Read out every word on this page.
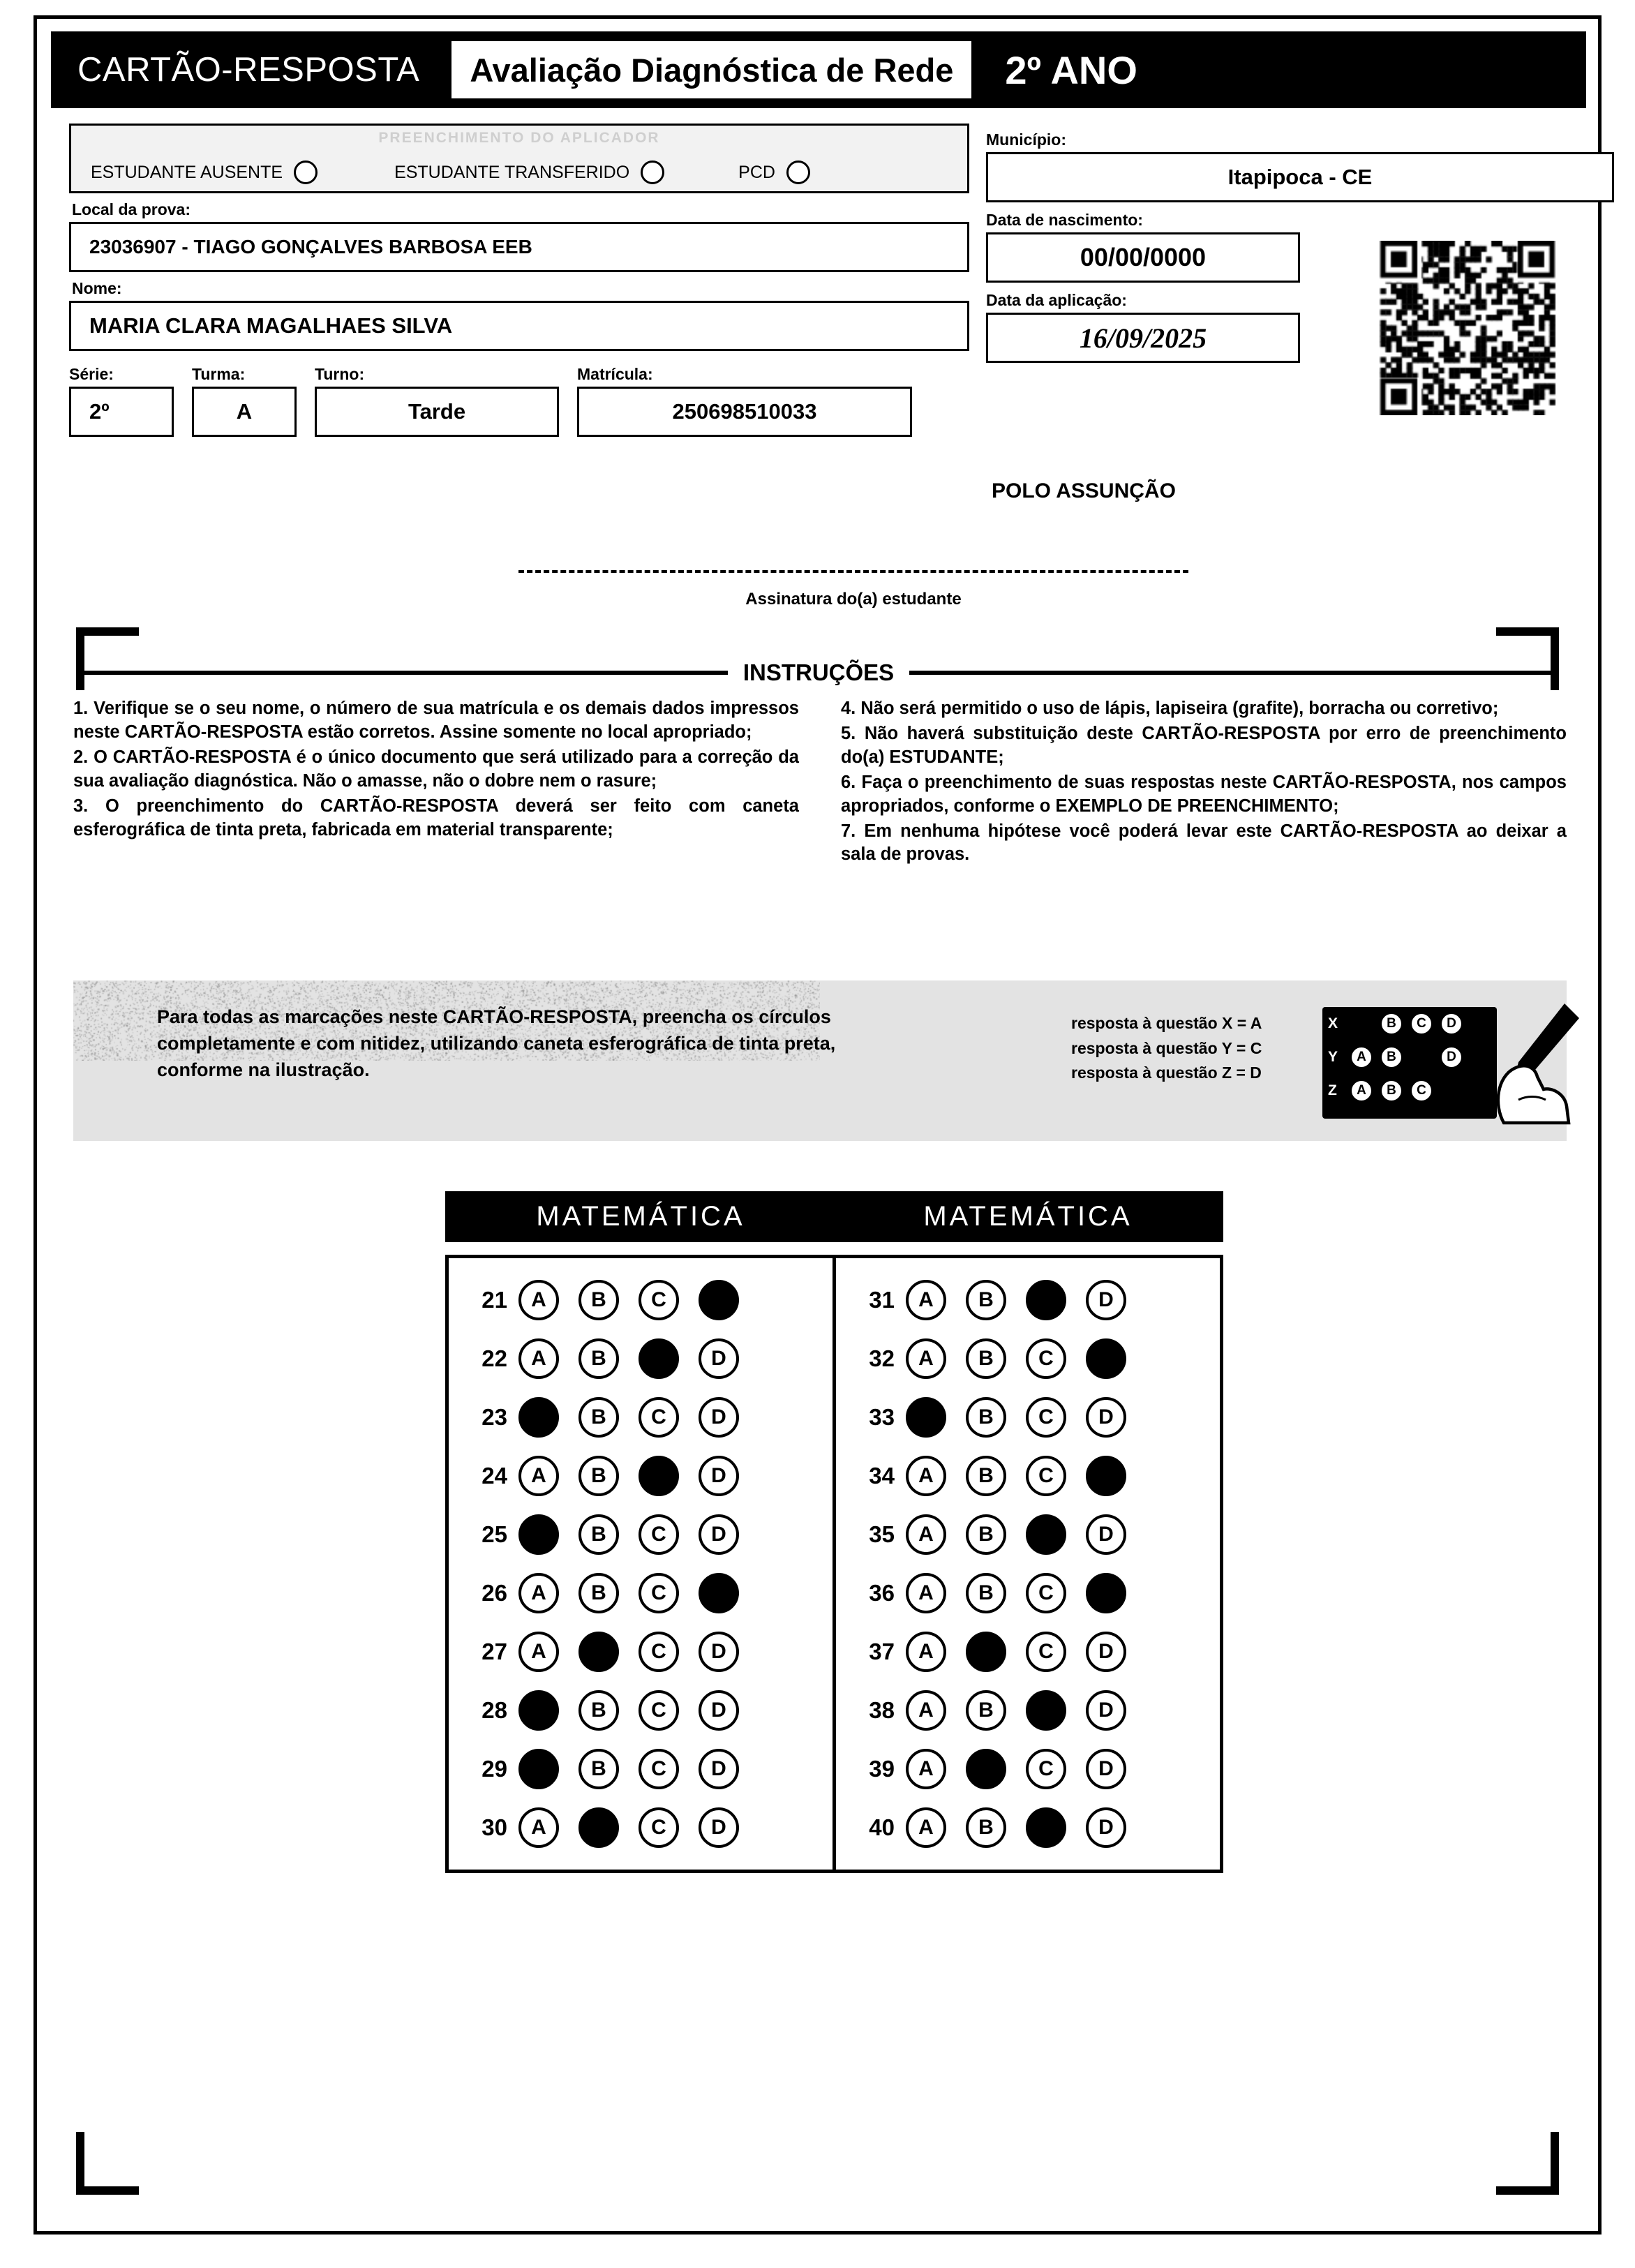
CARTÃO-RESPOSTA	Avaliação Diagnóstica de Rede	2º ANO
PREENCHIMENTO DO APLICADOR
ESTUDANTE AUSENTE	ESTUDANTE TRANSFERIDO	PCD
Local da prova:
23036907 - TIAGO GONÇALVES BARBOSA EEB
Nome:
MARIA CLARA MAGALHAES SILVA
Série:
2º
Turma:
A
Turno:
Tarde
Matrícula:
250698510033
Município:
Itapipoca - CE
Data de nascimento:
00/00/0000
Data da aplicação:
16/09/2025
POLO ASSUNÇÃO
Assinatura do(a) estudante
INSTRUÇÕES

1. Verifique se o seu nome, o número de sua matrícula e os demais dados impressos neste CARTÃO-RESPOSTA estão corretos. Assine somente no local apropriado;

2. O CARTÃO-RESPOSTA é o único documento que será utilizado para a correção da sua avaliação diagnóstica. Não o amasse, não o dobre nem o rasure;

3. O preenchimento do CARTÃO-RESPOSTA deverá ser feito com caneta esferográfica de tinta preta, fabricada em material transparente;

4. Não será permitido o uso de lápis, lapiseira (grafite), borracha ou corretivo;

5. Não haverá substituição deste CARTÃO-RESPOSTA por erro de preenchimento do(a) ESTUDANTE;

6. Faça o preenchimento de suas respostas neste CARTÃO-RESPOSTA, nos campos apropriados, conforme o EXEMPLO DE PREENCHIMENTO;

7. Em nenhuma hipótese você poderá levar este CARTÃO-RESPOSTA ao deixar a sala de provas.

Para todas as marcações neste CARTÃO-RESPOSTA, preencha os círculos completamente e com nitidez, utilizando caneta esferográfica de tinta preta, conforme na ilustração.
resposta à questão X = A
resposta à questão Y = C
resposta à questão Z = D
X	A	B	C	D
Y	A	B	C	D
Z	A	B	C	D
MATEMÁTICA
21	A	B	C	D
22	A	B	C	D
23	A	B	C	D
24	A	B	C	D
25	A	B	C	D
26	A	B	C	D
27	A	B	C	D
28	A	B	C	D
29	A	B	C	D
30	A	B	C	D
MATEMÁTICA
31	A	B	C	D
32	A	B	C	D
33	A	B	C	D
34	A	B	C	D
35	A	B	C	D
36	A	B	C	D
37	A	B	C	D
38	A	B	C	D
39	A	B	C	D
40	A	B	C	D
